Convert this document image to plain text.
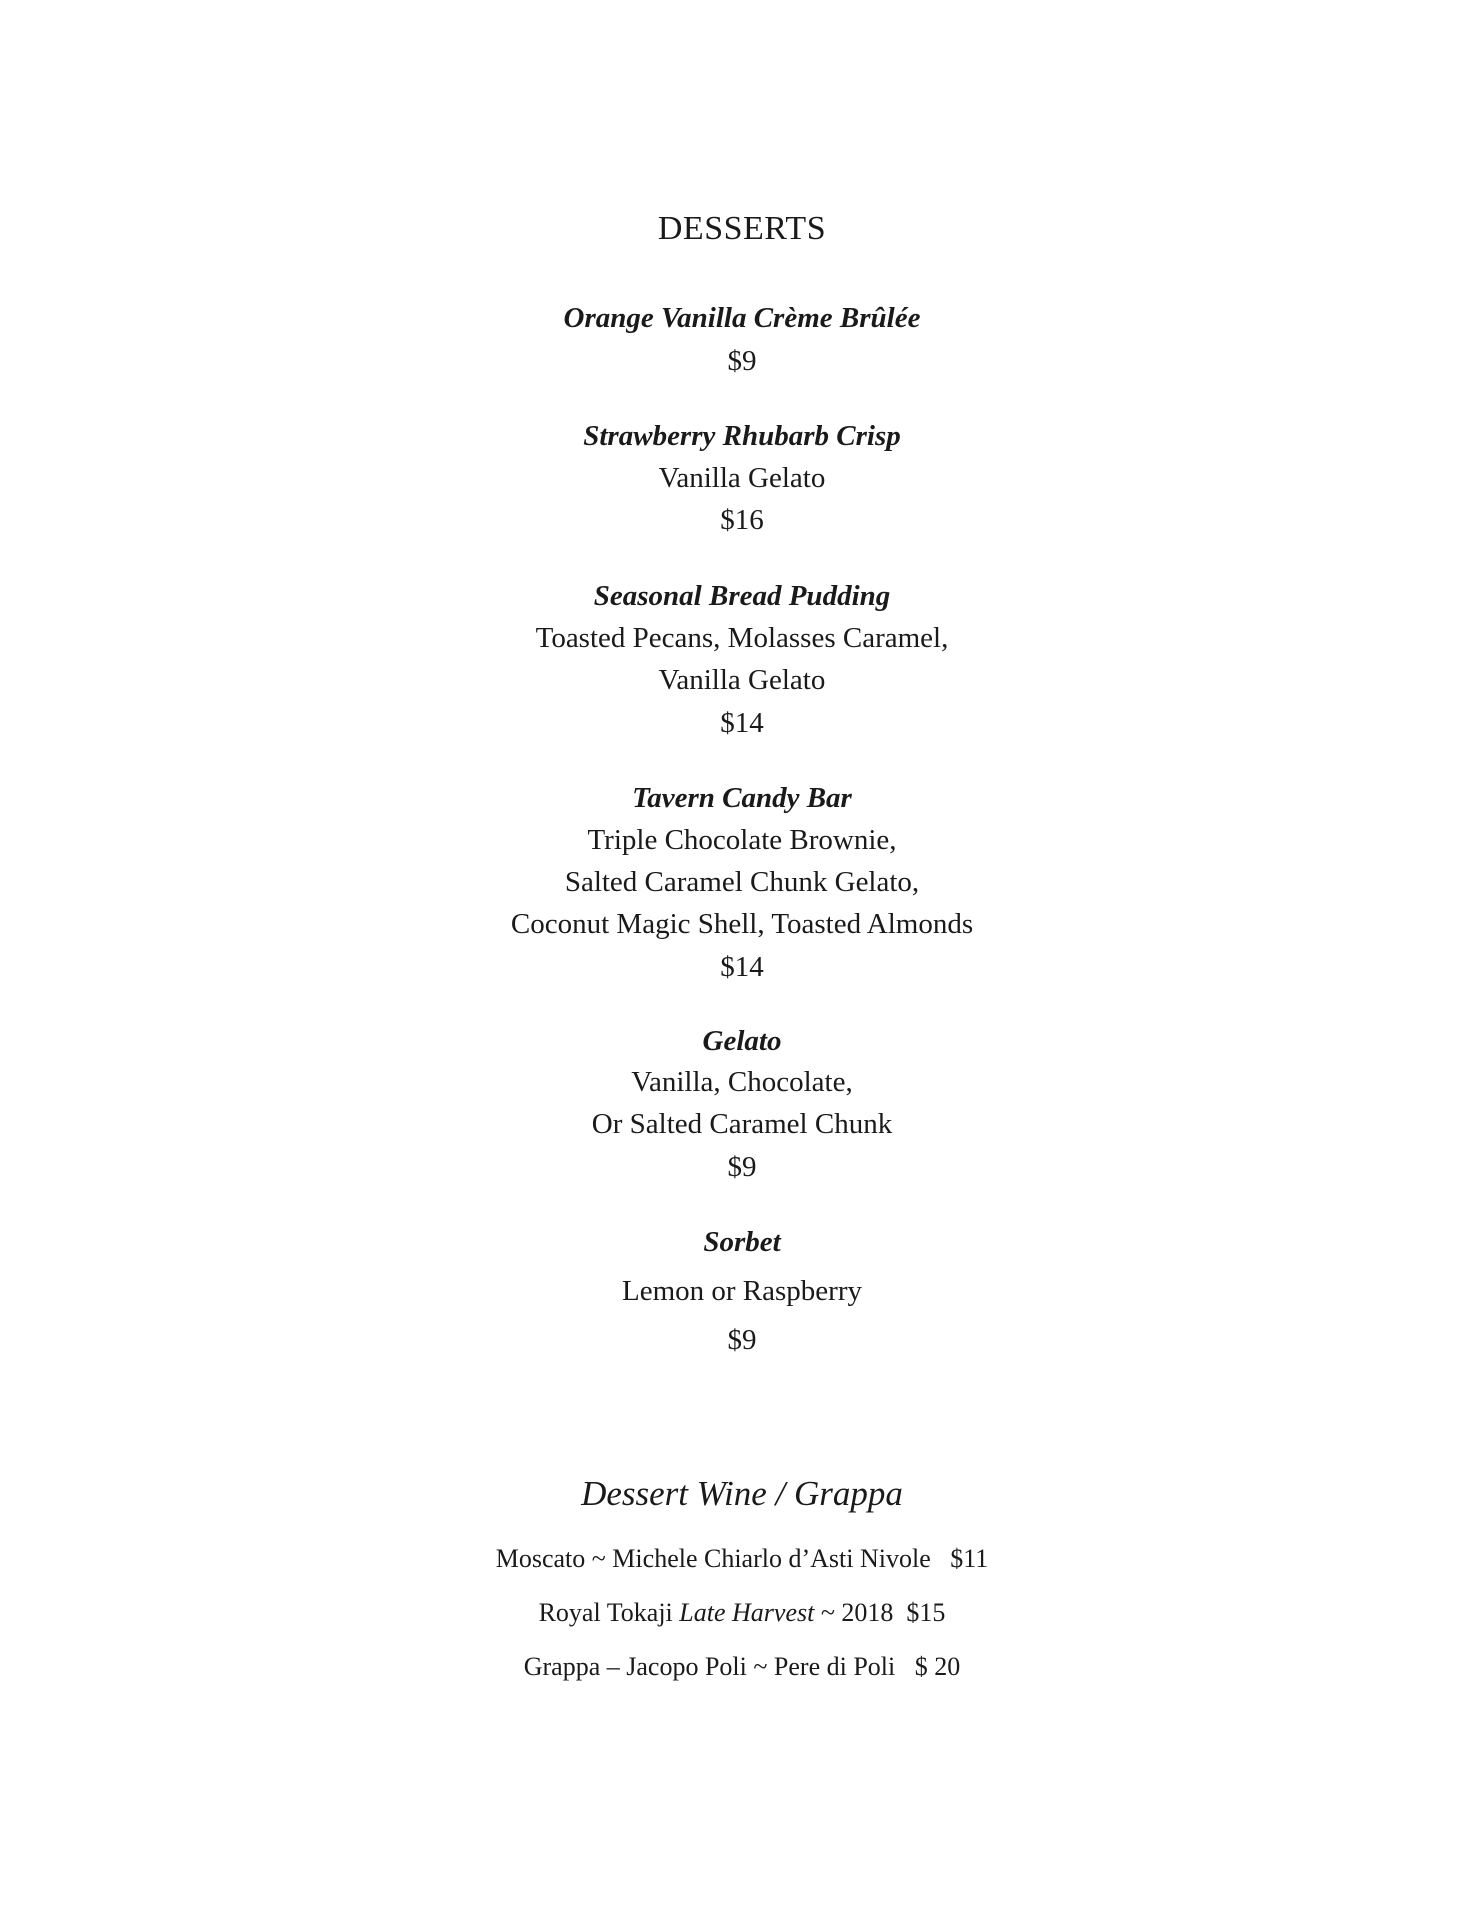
DESSERTS
Orange Vanilla Crème Brûlée
$9
Strawberry Rhubarb Crisp
Vanilla Gelato
$16
Seasonal Bread Pudding
Toasted Pecans, Molasses Caramel,
Vanilla Gelato
$14
Tavern Candy Bar
Triple Chocolate Brownie,
Salted Caramel Chunk Gelato,
Coconut Magic Shell, Toasted Almonds
$14
Gelato
Vanilla, Chocolate,
Or Salted Caramel Chunk
$9
Sorbet
Lemon or Raspberry
$9
Dessert Wine / Grappa
Moscato ~ Michele Chiarlo d’Asti Nivole $11
Royal Tokaji Late Harvest ~ 2018 $15
Grappa – Jacopo Poli ~ Pere di Poli $ 20
